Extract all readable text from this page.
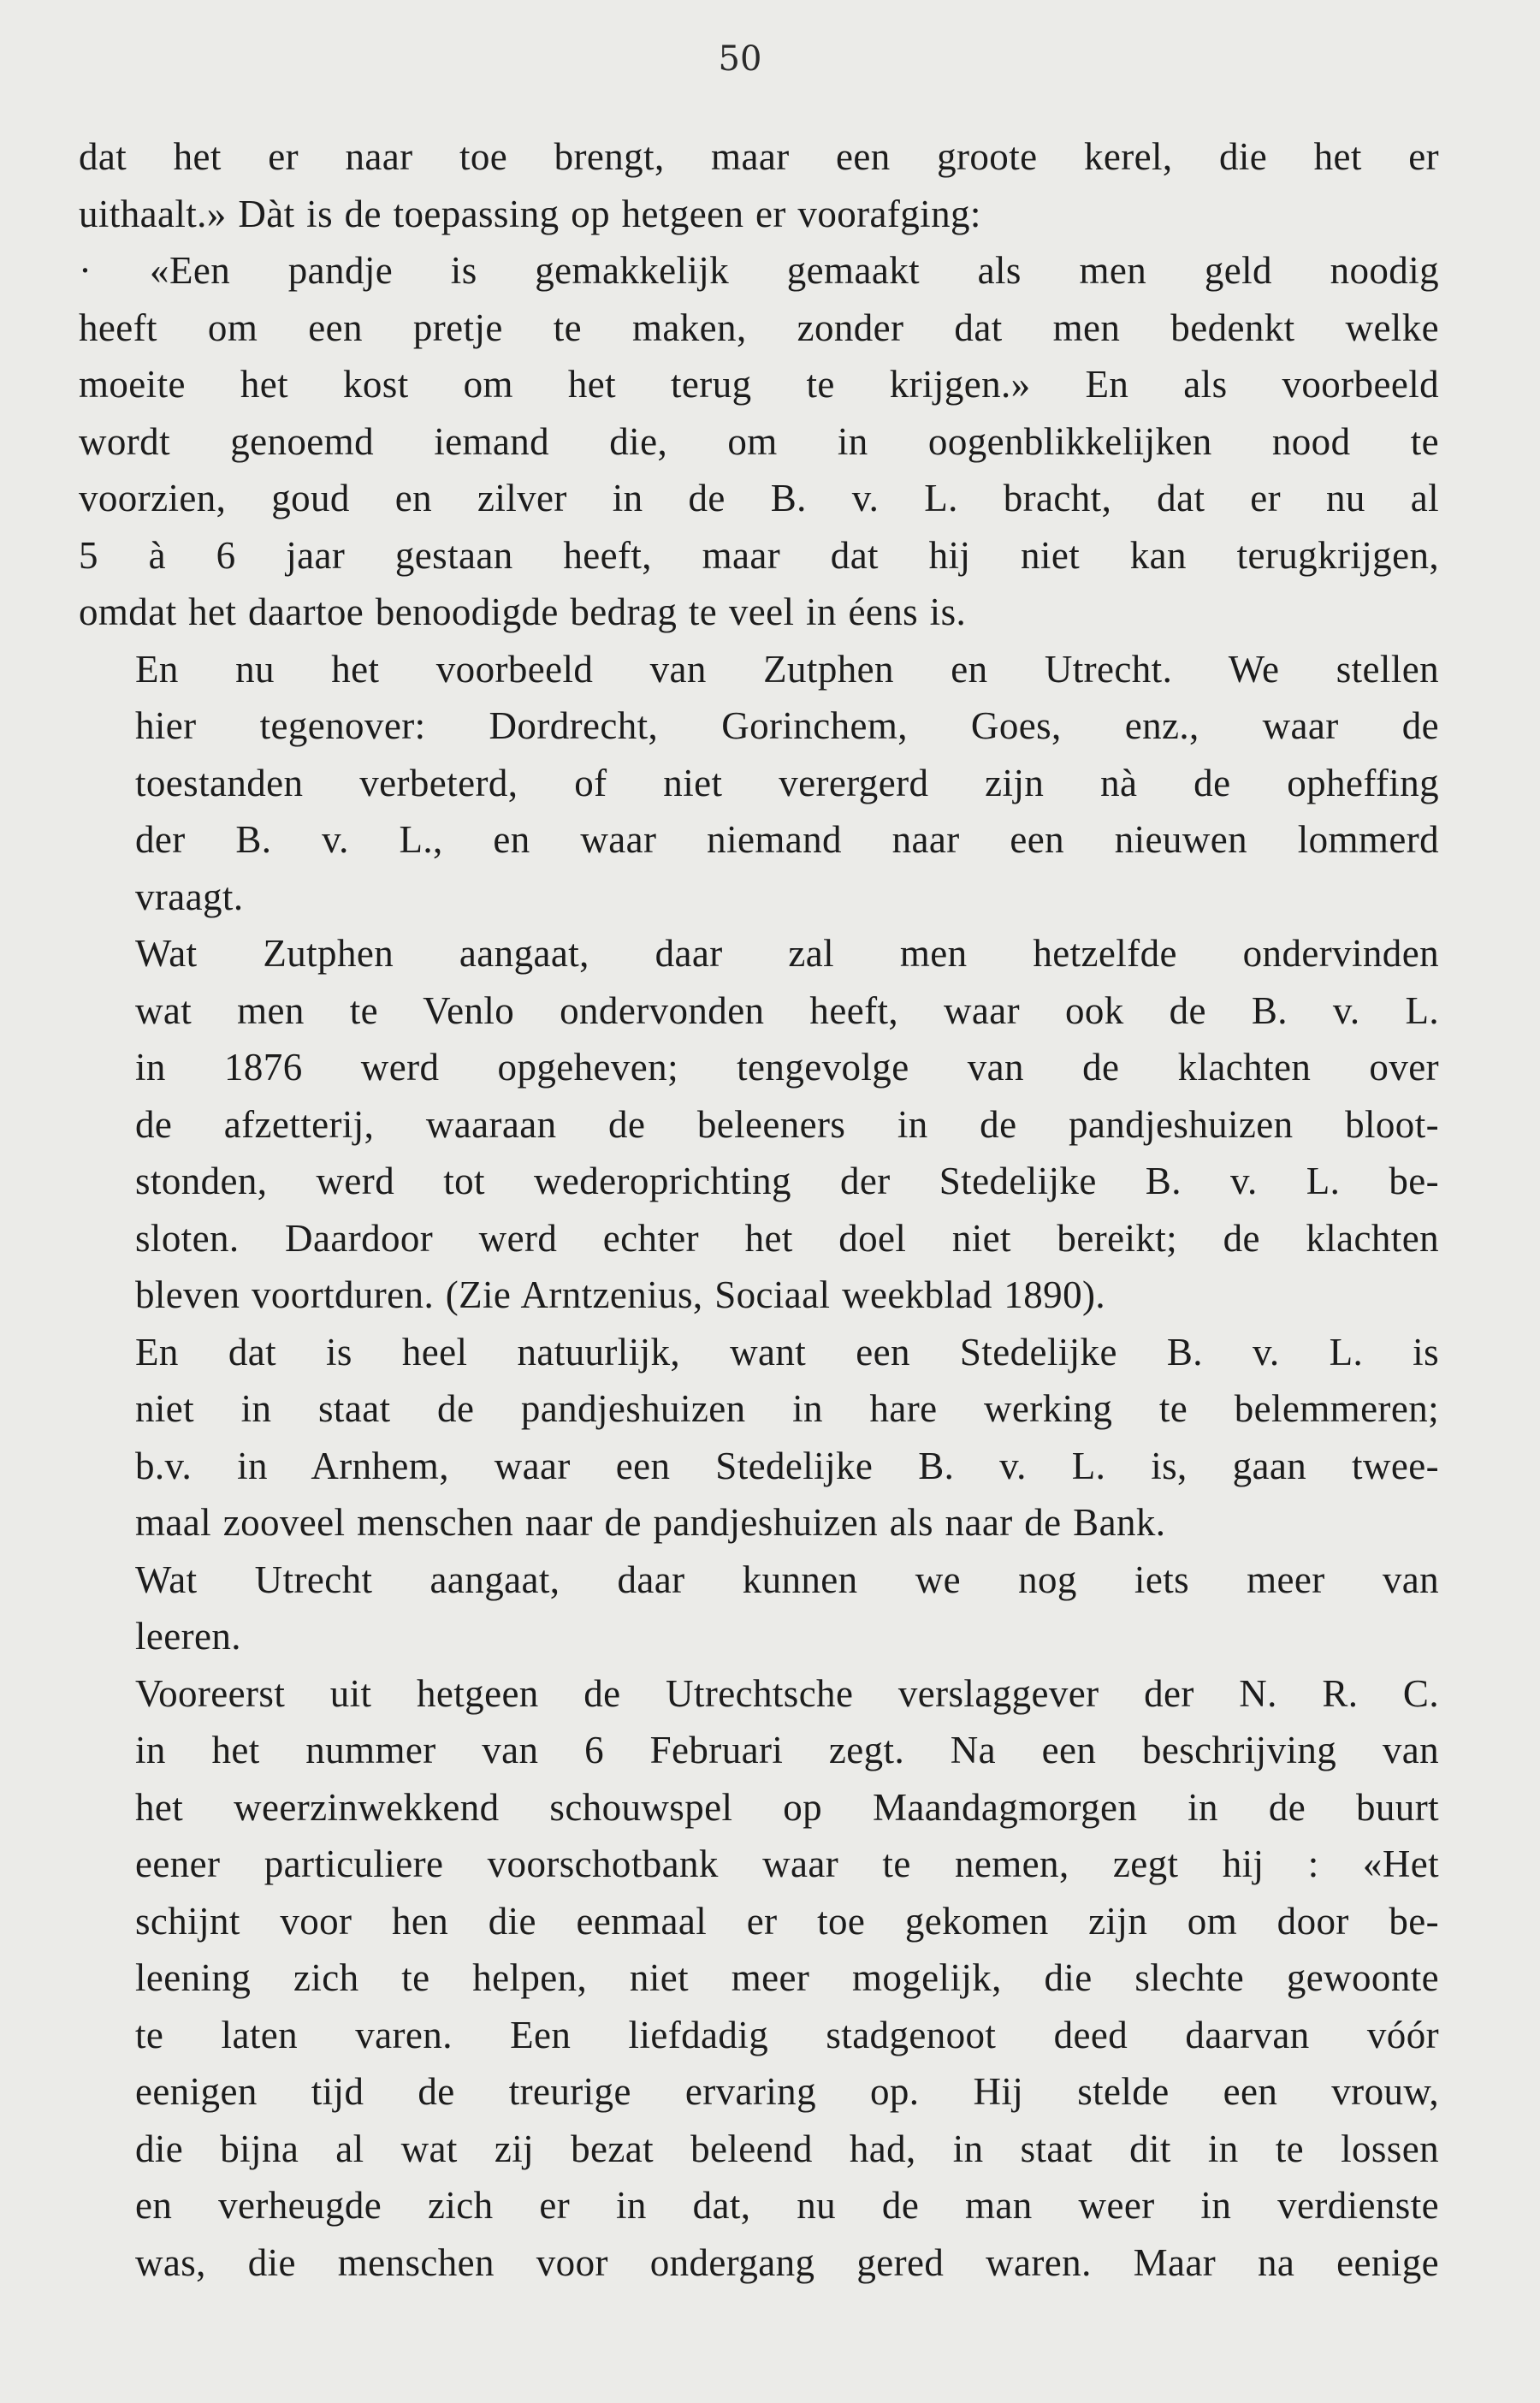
50

dat het er naar toe brengt, maar een groote kerel, die het er
uithaalt.» Dàt is de toepassing op hetgeen er voorafging:

· «Een pandje is gemakkelijk gemaakt als men geld noodig
heeft om een pretje te maken, zonder dat men bedenkt welke
moeite het kost om het terug te krijgen.» En als voorbeeld
wordt genoemd iemand die, om in oogenblikkelijken nood te
voorzien, goud en zilver in de B. v. L. bracht, dat er nu al
5 à 6 jaar gestaan heeft, maar dat hij niet kan terugkrijgen,
omdat het daartoe benoodigde bedrag te veel in éens is.

En nu het voorbeeld van Zutphen en Utrecht. We stellen
hier tegenover: Dordrecht, Gorinchem, Goes, enz., waar de
toestanden verbeterd, of niet verergerd zijn nà de opheffing
der B. v. L., en waar niemand naar een nieuwen lommerd
vraagt.

Wat Zutphen aangaat, daar zal men hetzelfde ondervinden
wat men te Venlo ondervonden heeft, waar ook de B. v. L.
in 1876 werd opgeheven; tengevolge van de klachten over
de afzetterij, waaraan de beleeners in de pandjeshuizen bloot-
stonden, werd tot wederoprichting der Stedelijke B. v. L. be-
sloten. Daardoor werd echter het doel niet bereikt; de klachten
bleven voortduren. (Zie Arntzenius, Sociaal weekblad 1890).

En dat is heel natuurlijk, want een Stedelijke B. v. L. is
niet in staat de pandjeshuizen in hare werking te belemmeren;
b.v. in Arnhem, waar een Stedelijke B. v. L. is, gaan twee-
maal zooveel menschen naar de pandjeshuizen als naar de Bank.

Wat Utrecht aangaat, daar kunnen we nog iets meer van
leeren.

Vooreerst uit hetgeen de Utrechtsche verslaggever der N. R. C.
in het nummer van 6 Februari zegt. Na een beschrijving van
het weerzinwekkend schouwspel op Maandagmorgen in de buurt
eener particuliere voorschotbank waar te nemen, zegt hij : «Het
schijnt voor hen die eenmaal er toe gekomen zijn om door be-
leening zich te helpen, niet meer mogelijk, die slechte gewoonte
te laten varen. Een liefdadig stadgenoot deed daarvan vóór
eenigen tijd de treurige ervaring op. Hij stelde een vrouw,
die bijna al wat zij bezat beleend had, in staat dit in te lossen
en verheugde zich er in dat, nu de man weer in verdienste
was, die menschen voor ondergang gered waren. Maar na eenige
